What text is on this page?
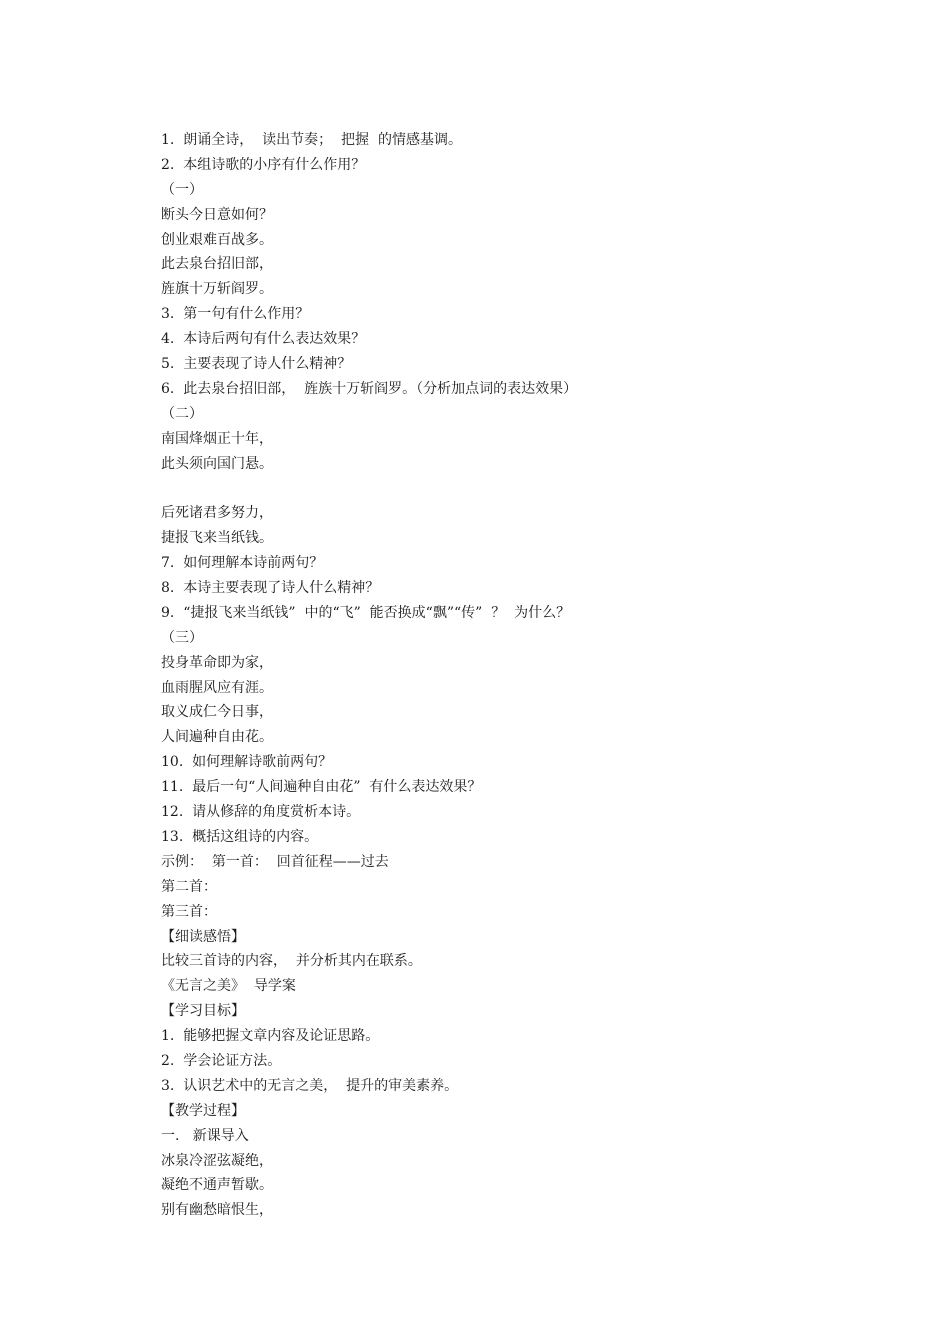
1.  朗诵全诗，  读出节奏；  把握  的情感基调。
2.  本组诗歌的小序有什么作用？
（一）
断头今日意如何？
创业艰难百战多。
此去泉台招旧部，
旌旗十万斩阎罗。
3.  第一句有什么作用？
4.  本诗后两句有什么表达效果？
5.  主要表现了诗人什么精神？
6.  此去泉台招旧部，  旌族十万斩阎罗。（分析加点词的表达效果）
（二）
南国烽烟正十年，
此头须向国门悬。
后死诸君多努力，
捷报飞来当纸钱。
7.  如何理解本诗前两句？
8.  本诗主要表现了诗人什么精神？
9.  “捷报飞来当纸钱”  中的“飞”  能否换成“飘”“传”  ？  为什么？
（三）
投身革命即为家，
血雨腥风应有涯。
取义成仁今日事，
人间遍种自由花。
10.  如何理解诗歌前两句？
11.  最后一句“人间遍种自由花”  有什么表达效果？
12.  请从修辞的角度赏析本诗。
13.  概括这组诗的内容。
示例：  第一首：  回首征程——过去
第二首：
第三首：
【细读感悟】
比较三首诗的内容，  并分析其内在联系。
《无言之美》  导学案
【学习目标】
1.  能够把握文章内容及论证思路。
2.  学会论证方法。
3.  认识艺术中的无言之美，  提升的审美素养。
【教学过程】
一.   新课导入
冰泉冷涩弦凝绝，
凝绝不通声暂歇。
别有幽愁暗恨生，
